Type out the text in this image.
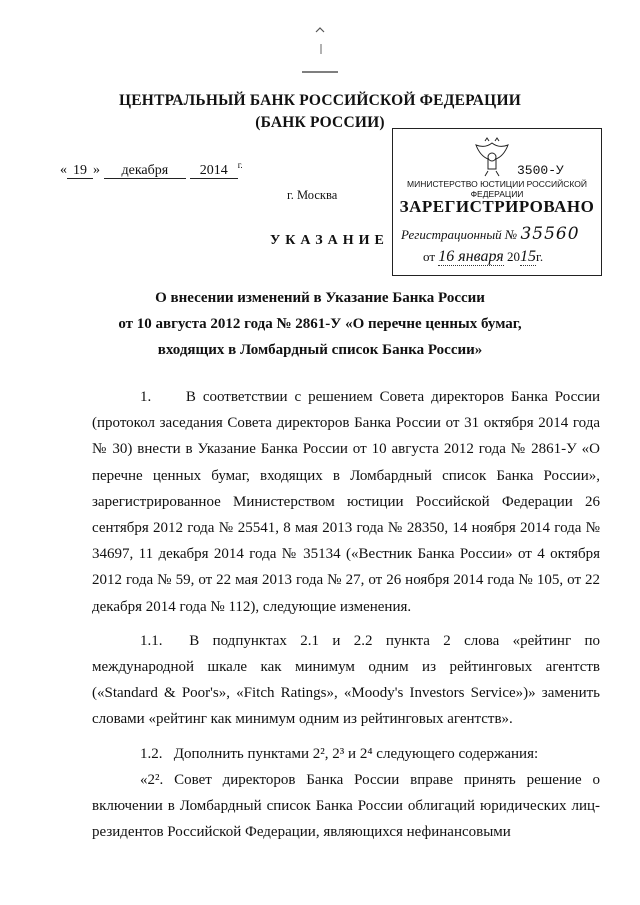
ЦЕНТРАЛЬНЫЙ БАНК РОССИЙСКОЙ ФЕДЕРАЦИИ
(БАНК РОССИИ)
« 19 » декабря 2014 $^{г.}$
г. Москва
УКАЗАНИЕ
3500-У
МИНИСТЕРСТВО ЮСТИЦИИ РОССИЙСКОЙ ФЕДЕРАЦИИ
ЗАРЕГИСТРИРОВАНО
Регистрационный № 35560
от 16 января 2015г.
О внесении изменений в Указание Банка России
от 10 августа 2012 года № 2861-У «О перечне ценных бумаг,
входящих в Ломбардный список Банка России»

1.     В соответствии с решением Совета директоров Банка России (протокол заседания Совета директоров Банка России от 31 октября 2014 года № 30) внести в Указание Банка России от 10 августа 2012 года № 2861-У «О перечне ценных бумаг, входящих в Ломбардный список Банка России», зарегистрированное Министерством юстиции Российской Федерации 26 сентября 2012 года № 25541, 8 мая 2013 года № 28350, 14 ноября 2014 года № 34697, 11 декабря 2014 года № 35134 («Вестник Банка России» от 4 октября 2012 года № 59, от 22 мая 2013 года № 27, от 26 ноября 2014 года № 105, от 22 декабря 2014 года № 112), следующие изменения.

1.1.  В подпунктах 2.1 и 2.2 пункта 2 слова «рейтинг по международной шкале как минимум одним из рейтинговых агентств («Standard & Poor's», «Fitch Ratings», «Moody's Investors Service»)» заменить словами «рейтинг как минимум одним из рейтинговых агентств».

1.2.   Дополнить пунктами 2², 2³ и 2⁴ следующего содержания:

«2². Совет директоров Банка России вправе принять решение о включении в Ломбардный список Банка России облигаций юридических лиц-резидентов Российской Федерации, являющихся нефинансовыми
